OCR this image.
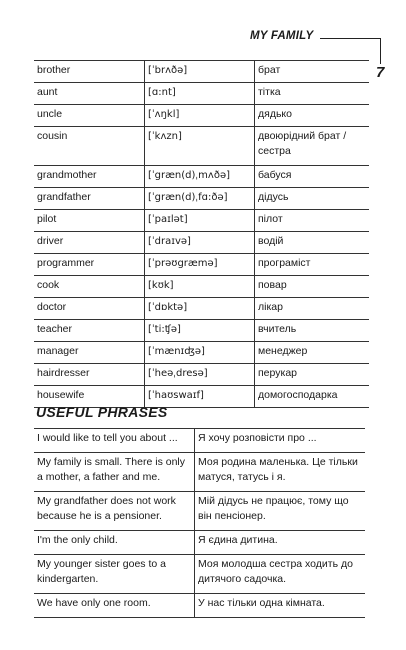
MY FAMILY
7
brother	[ˈbrʌðə]	брат
aunt	[ɑ:nt]	тітка
uncle	[ˈʌŋkl]	дядько
cousin	[ˈkʌzn]	двоюрідний брат / сестра
grandmother	[ˈgræn(d)ˌmʌðə]	бабуся
grandfather	[ˈgræn(d)ˌfɑ:ðə]	дідусь
pilot	[ˈpaɪlət]	пілот
driver	[ˈdraɪvə]	водій
programmer	[ˈprəʊgræmə]	програміст
cook	[kʊk]	повар
doctor	[ˈdɒktə]	лікар
teacher	[ˈti:ʧə]	вчитель
manager	[ˈmænɪʤə]	менеджер
hairdresser	[ˈheəˌdresə]	перукар
housewife	[ˈhaʊswaɪf]	домогосподарка
USEFUL PHRASES
I would like to tell you about ...	Я хочу розповісти про ...
My family is small. There is only a mother, a father and me.	Моя родина маленька. Це тільки матуся, татусь і я.
My grandfather does not work because he is a pensioner.	Мій дідусь не працює, тому що він пенсіонер.
I'm the only child.	Я єдина дитина.
My younger sister goes to a kindergarten.	Моя молодша сестра ходить до дитячого садочка.
We have only one room.	У нас тільки одна кімната.
